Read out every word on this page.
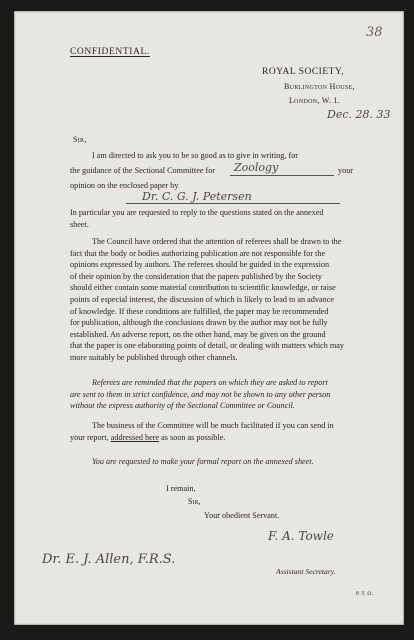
38
CONFIDENTIAL.
ROYAL SOCIETY,
Burlington House,
London, W. 1.
Dec. 28. 33
Sir,
I am directed to ask you to be so good as to give in writing, for
the guidance of the Sectional Committee for Zoology	your
opinion on the enclosed paper by
Dr. C. G. J. Petersen
In particular you are requested to reply to the questions stated on the annexed
sheet.
The Council have ordered that the attention of referees shall be drawn to the
fact that the body or bodies authorizing publication are not responsible for the
opinions expressed by authors. The referees should be guided in the expression
of their opinion by the consideration that the papers published by the Society
should either contain some material contribution to scientific knowledge, or raise
points of especial interest, the discussion of which is likely to lead to an advance
of knowledge. If these conditions are fulfilled, the paper may be recommended
for publication, although the conclusions drawn by the author may not be fully
established. An adverse report, on the other hand, may be given on the ground
that the paper is one elaborating points of detail, or dealing with matters which may
more suitably be published through other channels.
Referees are reminded that the papers on which they are asked to report
are sent to them in strict confidence, and may not be shown to any other person
without the express authority of the Sectional Committee or Council.
The business of the Committee will be much facilitated if you can send in
your report, addressed here as soon as possible.
You are requested to make your formal report on the annexed sheet.
I remain,
Sir,
Your obedient Servant.
F. A. Towle
Assistant Secretary.
P.T.O.
Dr. E. J. Allen, F.R.S.
